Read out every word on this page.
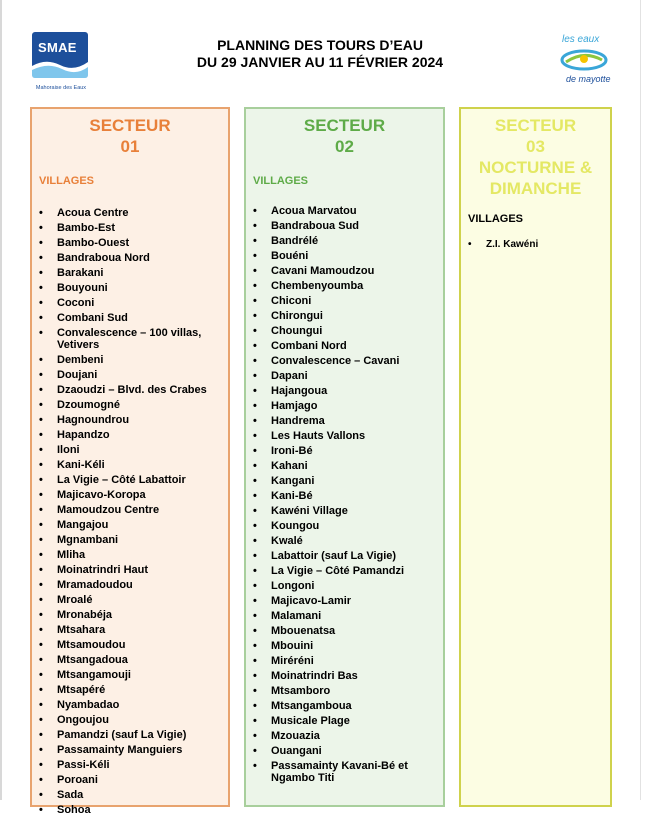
SMAE
Mahoraise des Eaux
les eaux
de mayotte
PLANNING DES TOURS D’EAU
DU 29 JANVIER AU 11 FÉVRIER 2024
SECTEUR
01
VILLAGES
• Acoua Centre
• Bambo-Est
• Bambo-Ouest
• Bandraboua Nord
• Barakani
• Bouyouni
• Coconi
• Combani Sud
• Convalescence – 100 villas, Vetivers
• Dembeni
• Doujani
• Dzaoudzi – Blvd. des Crabes
• Dzoumogné
• Hagnoundrou
• Hapandzo
• Iloni
• Kani-Kéli
• La Vigie – Côté Labattoir
• Majicavo-Koropa
• Mamoudzou Centre
• Mangajou
• Mgnambani
• Mliha
• Moinatrindri Haut
• Mramadoudou
• Mroalé
• Mronabéja
• Mtsahara
• Mtsamoudou
• Mtsangadoua
• Mtsangamouji
• Mtsapéré
• Nyambadao
• Ongoujou
• Pamandzi (sauf La Vigie)
• Passamainty Manguiers
• Passi-Kéli
• Poroani
• Sada
• Sohoa
SECTEUR
02
VILLAGES
• Acoua Marvatou
• Bandraboua Sud
• Bandrélé
• Bouéni
• Cavani Mamoudzou
• Chembenyoumba
• Chiconi
• Chirongui
• Choungui
• Combani Nord
• Convalescence – Cavani
• Dapani
• Hajangoua
• Hamjago
• Handrema
• Les Hauts Vallons
• Ironi-Bé
• Kahani
• Kangani
• Kani-Bé
• Kawéni Village
• Koungou
• Kwalé
• Labattoir (sauf La Vigie)
• La Vigie – Côté Pamandzi
• Longoni
• Majicavo-Lamir
• Malamani
• Mbouenatsa
• Mbouini
• Miréréni
• Moinatrindri Bas
• Mtsamboro
• Mtsangamboua
• Musicale Plage
• Mzouazia
• Ouangani
• Passamainty Kavani-Bé et Ngambo Titi
SECTEUR
03
NOCTURNE &
DIMANCHE
VILLAGES
• Z.I. Kawéni
